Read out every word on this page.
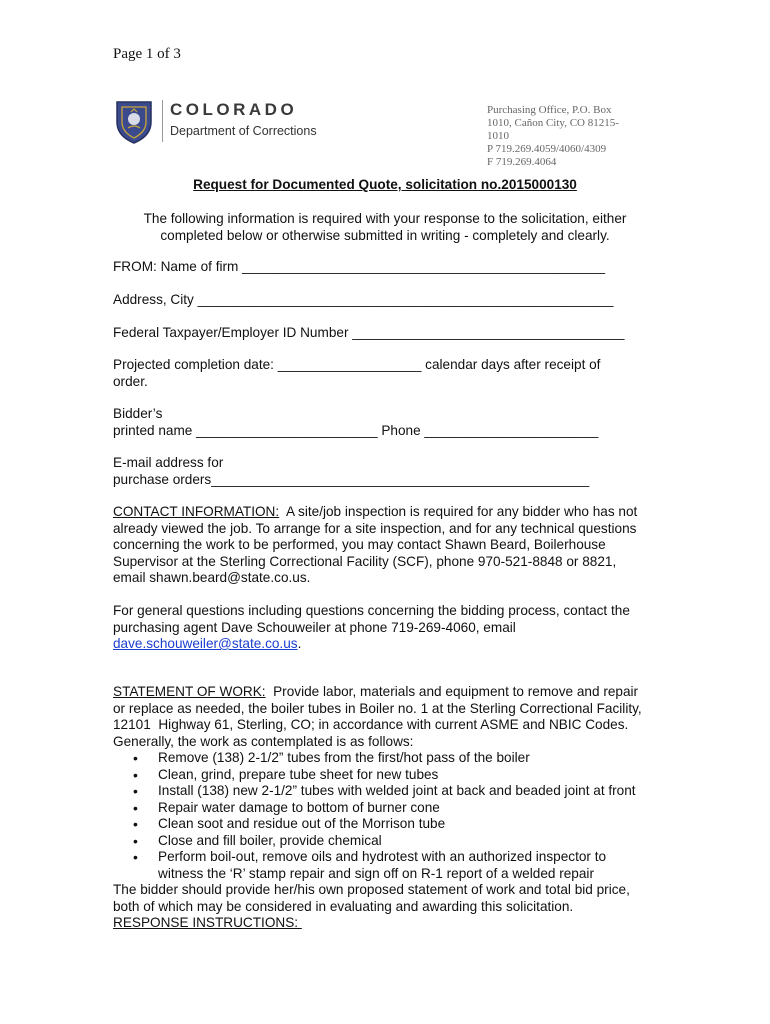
Page 1 of 3
COLORADO
Department of Corrections
Purchasing Office, P.O. Box
1010, Cañon City, CO 81215-
1010
P 719.269.4059/4060/4309
F 719.269.4064
Request for Documented Quote, solicitation no.2015000130
The following information is required with your response to the solicitation, either
completed below or otherwise submitted in writing - completely and clearly.
FROM: Name of firm ________________________________________________
Address, City _______________________________________________________
Federal Taxpayer/Employer ID Number ____________________________________
Projected completion date: ___________________ calendar days after receipt of
order.
Bidder’s
printed name ________________________ Phone _______________________
E-mail address for
purchase orders__________________________________________________
CONTACT INFORMATION:  A site/job inspection is required for any bidder who has not
already viewed the job. To arrange for a site inspection, and for any technical questions
concerning the work to be performed, you may contact Shawn Beard, Boilerhouse
Supervisor at the Sterling Correctional Facility (SCF), phone 970-521-8848 or 8821,
email shawn.beard@state.co.us.
For general questions including questions concerning the bidding process, contact the
purchasing agent Dave Schouweiler at phone 719-269-4060, email
dave.schouweiler@state.co.us.
STATEMENT OF WORK:  Provide labor, materials and equipment to remove and repair
or replace as needed, the boiler tubes in Boiler no. 1 at the Sterling Correctional Facility,
12101  Highway 61, Sterling, CO; in accordance with current ASME and NBIC Codes.
Generally, the work as contemplated is as follows:
• Remove (138) 2-1/2” tubes from the first/hot pass of the boiler
• Clean, grind, prepare tube sheet for new tubes
• Install (138) new 2-1/2” tubes with welded joint at back and beaded joint at front
• Repair water damage to bottom of burner cone
• Clean soot and residue out of the Morrison tube
• Close and fill boiler, provide chemical
• Perform boil-out, remove oils and hydrotest with an authorized inspector to
witness the ‘R’ stamp repair and sign off on R-1 report of a welded repair
The bidder should provide her/his own proposed statement of work and total bid price,
both of which may be considered in evaluating and awarding this solicitation.
RESPONSE INSTRUCTIONS:
